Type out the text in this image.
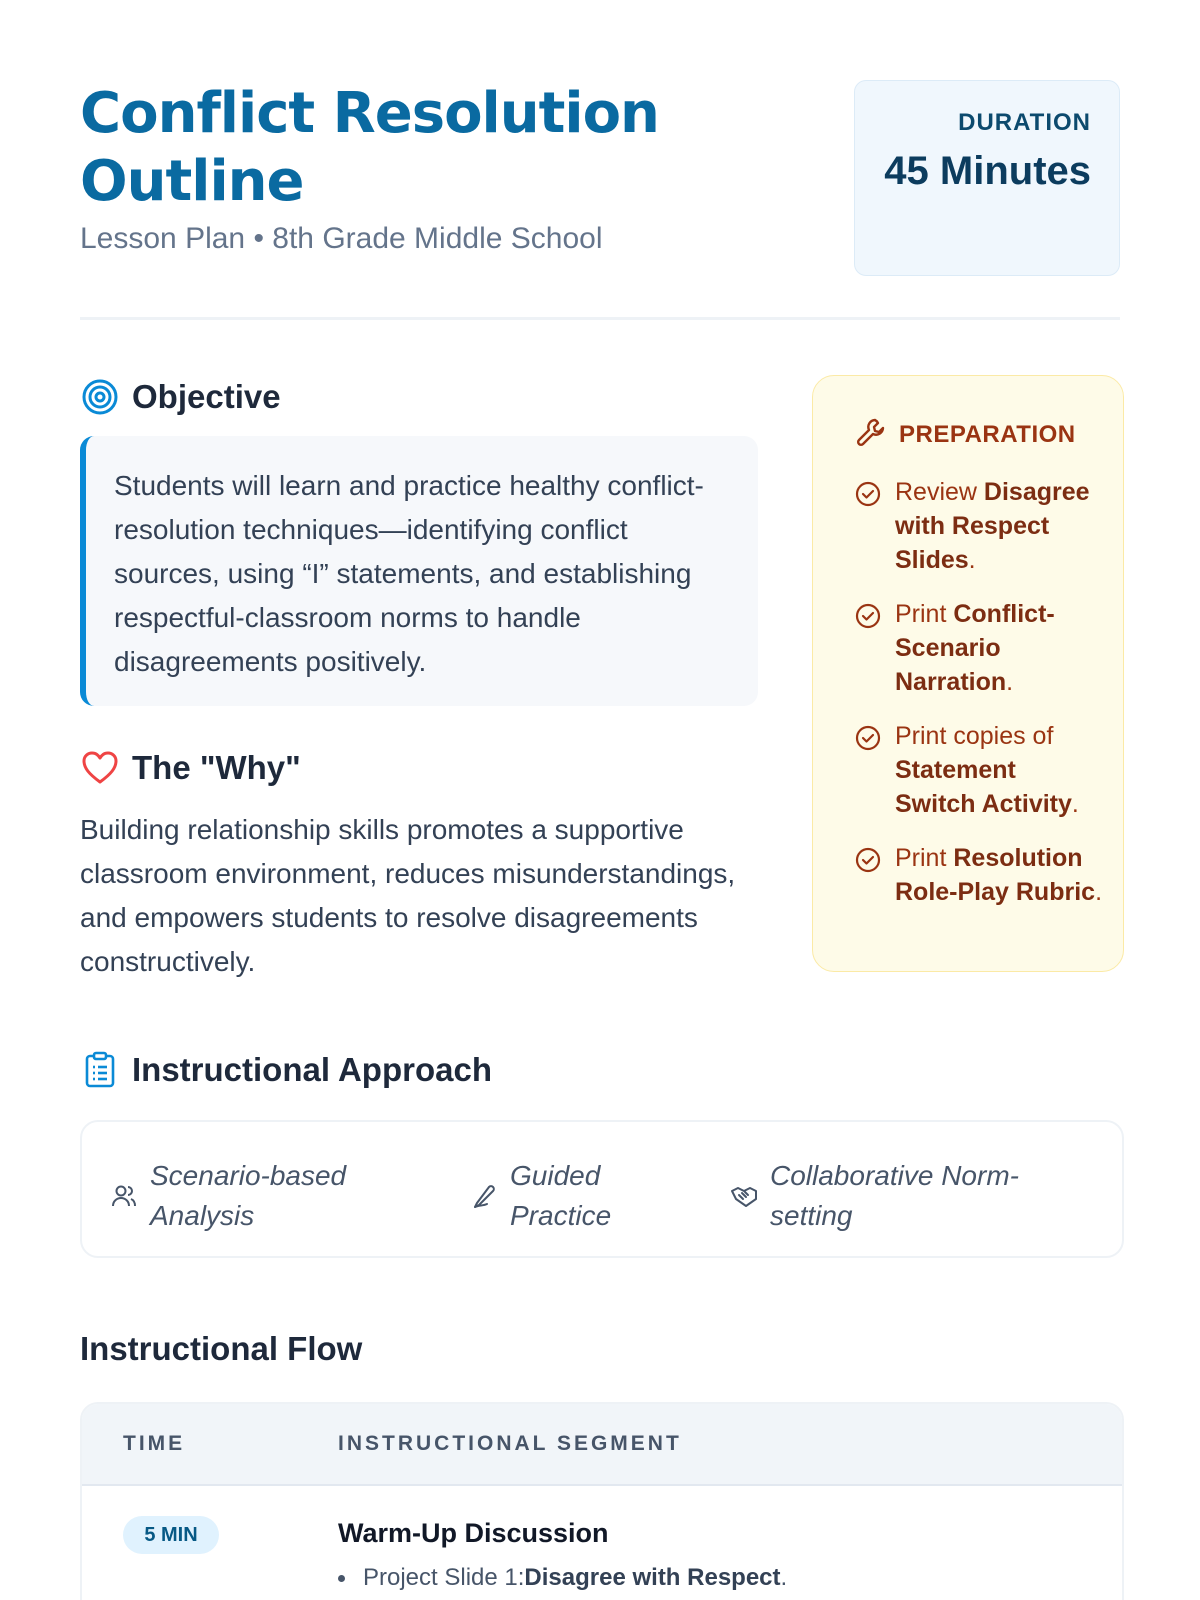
Conflict Resolution Outline
Lesson Plan • 8th Grade Middle School
DURATION
45 Minutes
Objective
Students will learn and practice healthy conflict-resolution techniques—identifying conflict sources, using “I” statements, and establishing respectful-classroom norms to handle disagreements positively.
The "Why"
Building relationship skills promotes a supportive classroom environment, reduces misunderstandings, and empowers students to resolve disagreements constructively.
PREPARATION
Review Disagree with Respect Slides.
Print Conflict-Scenario Narration.
Print copies of Statement Switch Activity.
Print Resolution Role-Play Rubric.
Instructional Approach
Scenario-based Analysis
Guided Practice
Collaborative Norm-setting
Instructional Flow
TIME	INSTRUCTIONAL SEGMENT
5 MIN	Warm-Up Discussion
Project Slide 1: Disagree with Respect .
